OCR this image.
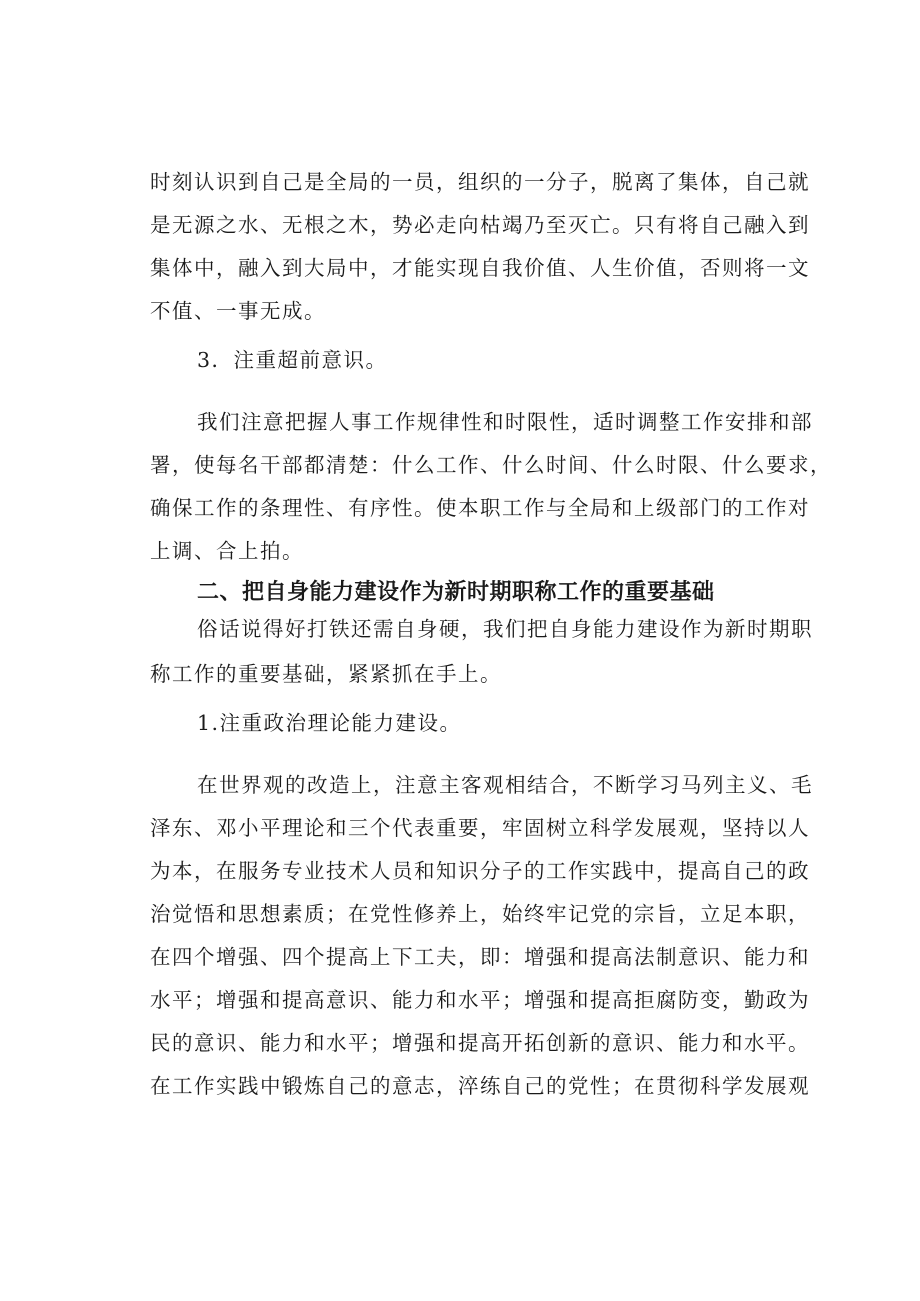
时刻认识到自己是全局的一员，组织的一分子，脱离了集体，自己就
是无源之水、无根之木，势必走向枯竭乃至灭亡。只有将自己融入到
集体中，融入到大局中，才能实现自我价值、人生价值，否则将一文
不值、一事无成。
3．注重超前意识。
我们注意把握人事工作规律性和时限性，适时调整工作安排和部
署，使每名干部都清楚：什么工作、什么时间、什么时限、什么要求，
确保工作的条理性、有序性。使本职工作与全局和上级部门的工作对
上调、合上拍。
二、把自身能力建设作为新时期职称工作的重要基础
俗话说得好打铁还需自身硬，我们把自身能力建设作为新时期职
称工作的重要基础，紧紧抓在手上。
1.注重政治理论能力建设。
在世界观的改造上，注意主客观相结合，不断学习马列主义、毛
泽东、邓小平理论和三个代表重要，牢固树立科学发展观，坚持以人
为本，在服务专业技术人员和知识分子的工作实践中，提高自己的政
治觉悟和思想素质；在党性修养上，始终牢记党的宗旨，立足本职，
在四个增强、四个提高上下工夫，即：增强和提高法制意识、能力和
水平；增强和提高意识、能力和水平；增强和提高拒腐防变，勤政为
民的意识、能力和水平；增强和提高开拓创新的意识、能力和水平。
在工作实践中锻炼自己的意志，淬练自己的党性；在贯彻科学发展观
